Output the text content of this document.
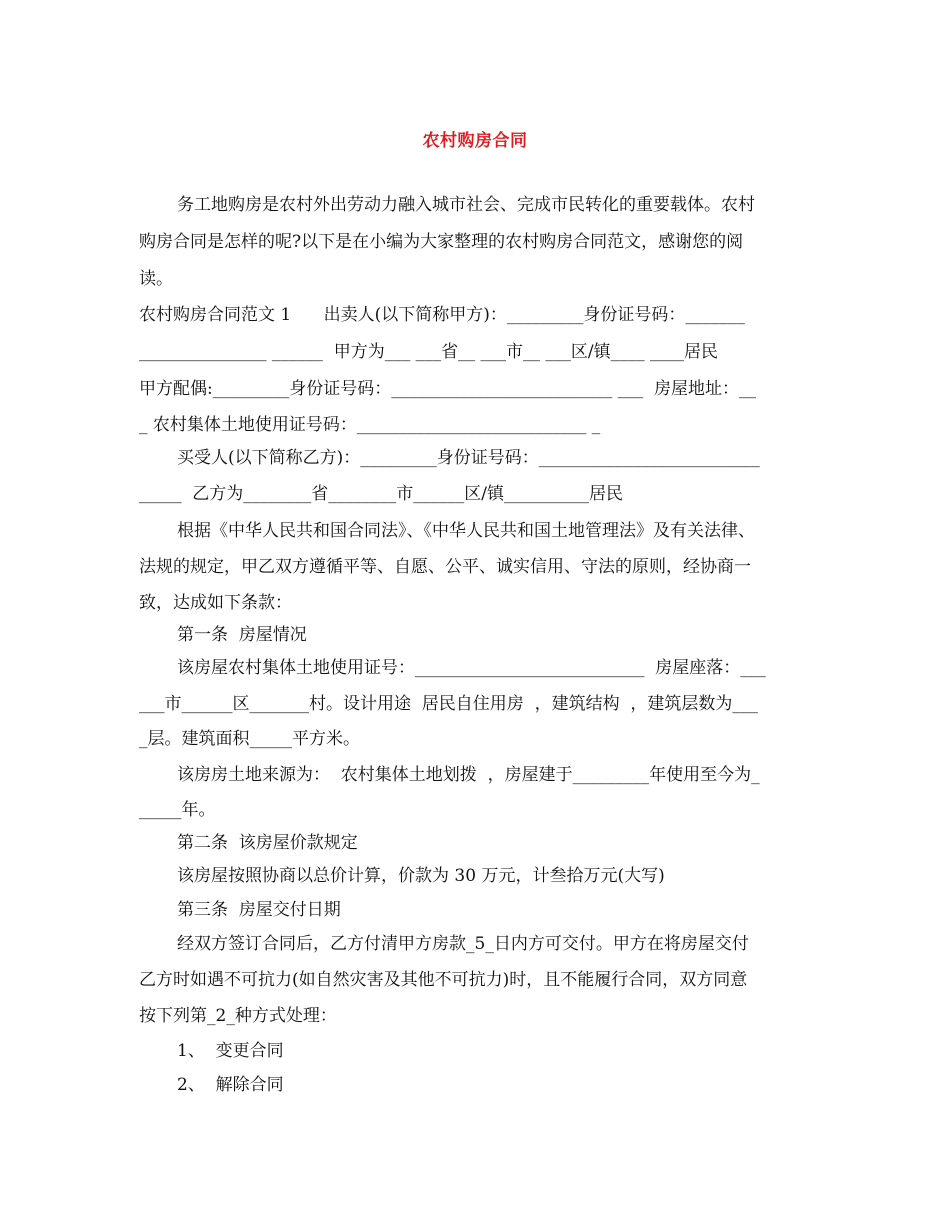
农村购房合同
务工地购房是农村外出劳动力融入城市社会、完成市民转化的重要载体。农村
购房合同是怎样的呢?以下是在小编为大家整理的农村购房合同范文，感谢您的阅
读。
农村购房合同范文 1      出卖人(以下简称甲方)：_________身份证号码：_______
_______________ ______  甲方为___ ___省__ ___市__ ___区/镇____ ____居民
甲方配偶:_________身份证号码：__________________________ ___  房屋地址：__
_ 农村集体土地使用证号码：___________________________ _
买受人(以下简称乙方)：_________身份证号码：__________________________
_____  乙方为________省________市______区/镇__________居民
根据《中华人民共和国合同法》、《中华人民共和国土地管理法》及有关法律、
法规的规定，甲乙双方遵循平等、自愿、公平、诚实信用、守法的原则，经协商一
致，达成如下条款：
第一条  房屋情况
该房屋农村集体土地使用证号：___________________________  房屋座落：___
___市______区_______村。设计用途  居民自住用房  ，建筑结构  ，建筑层数为___
_层。建筑面积_____平方米。
该房房土地来源为：  农村集体土地划拨  ，房屋建于_________年使用至今为_
_____年。
第二条  该房屋价款规定
该房屋按照协商以总价计算，价款为 30 万元，计叁拾万元(大写)
第三条  房屋交付日期
经双方签订合同后，乙方付清甲方房款_5_日内方可交付。甲方在将房屋交付
乙方时如遇不可抗力(如自然灾害及其他不可抗力)时，且不能履行合同，双方同意
按下列第_2_种方式处理：
1、  变更合同
2、  解除合同
